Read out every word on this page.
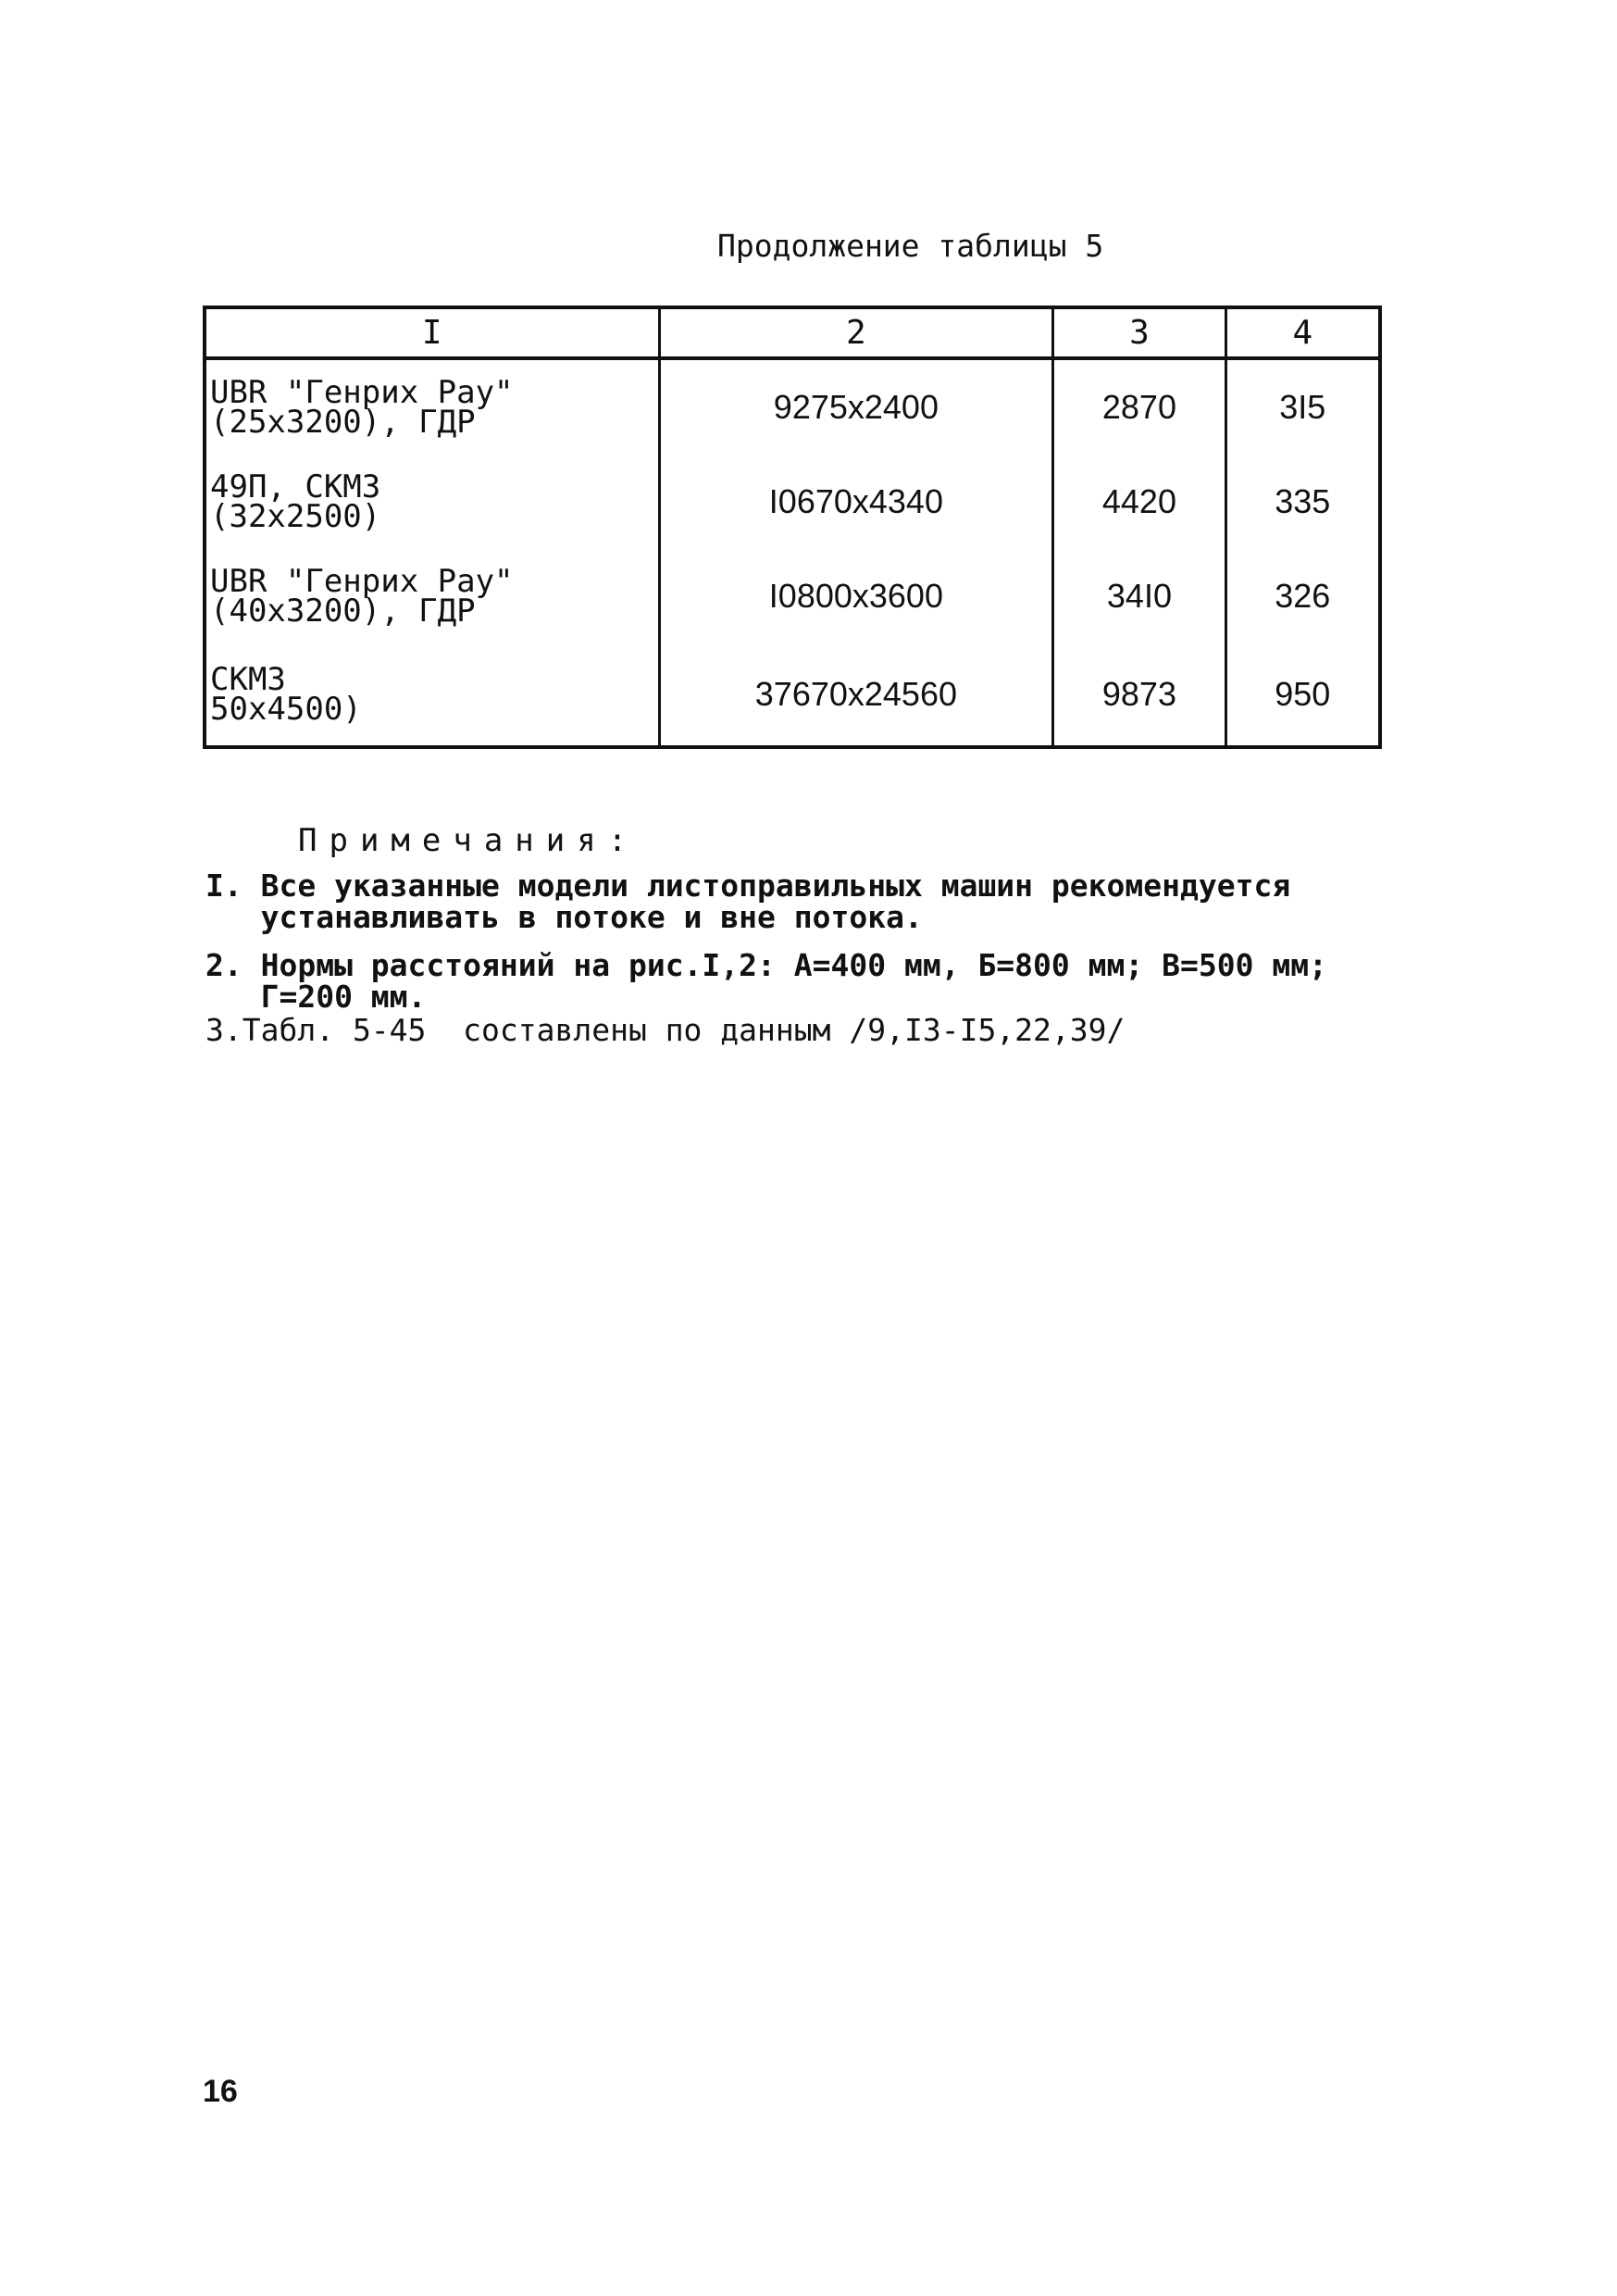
Продолжение таблицы 5
I	2	3	4

UBR "Генрих Рау"
(25x3200), ГДР	9275x2400	2870	3I5

49П, СКМЗ
(32x2500)	I0670x4340	4420	335

UBR "Генрих Рау"
(40x3200), ГДР	I0800x3600	34I0	326

СКМЗ
50x4500)	37670x24560	9873	950
Примечания:
I. Все указанные модели листоправильных машин рекомендуется
устанавливать в потоке и вне потока.
2. Нормы расстояний на рис.I,2: А=400 мм, Б=800 мм; В=500 мм;
Г=200 мм.
3.Табл. 5-45  составлены по данным /9,I3-I5,22,39/
16
